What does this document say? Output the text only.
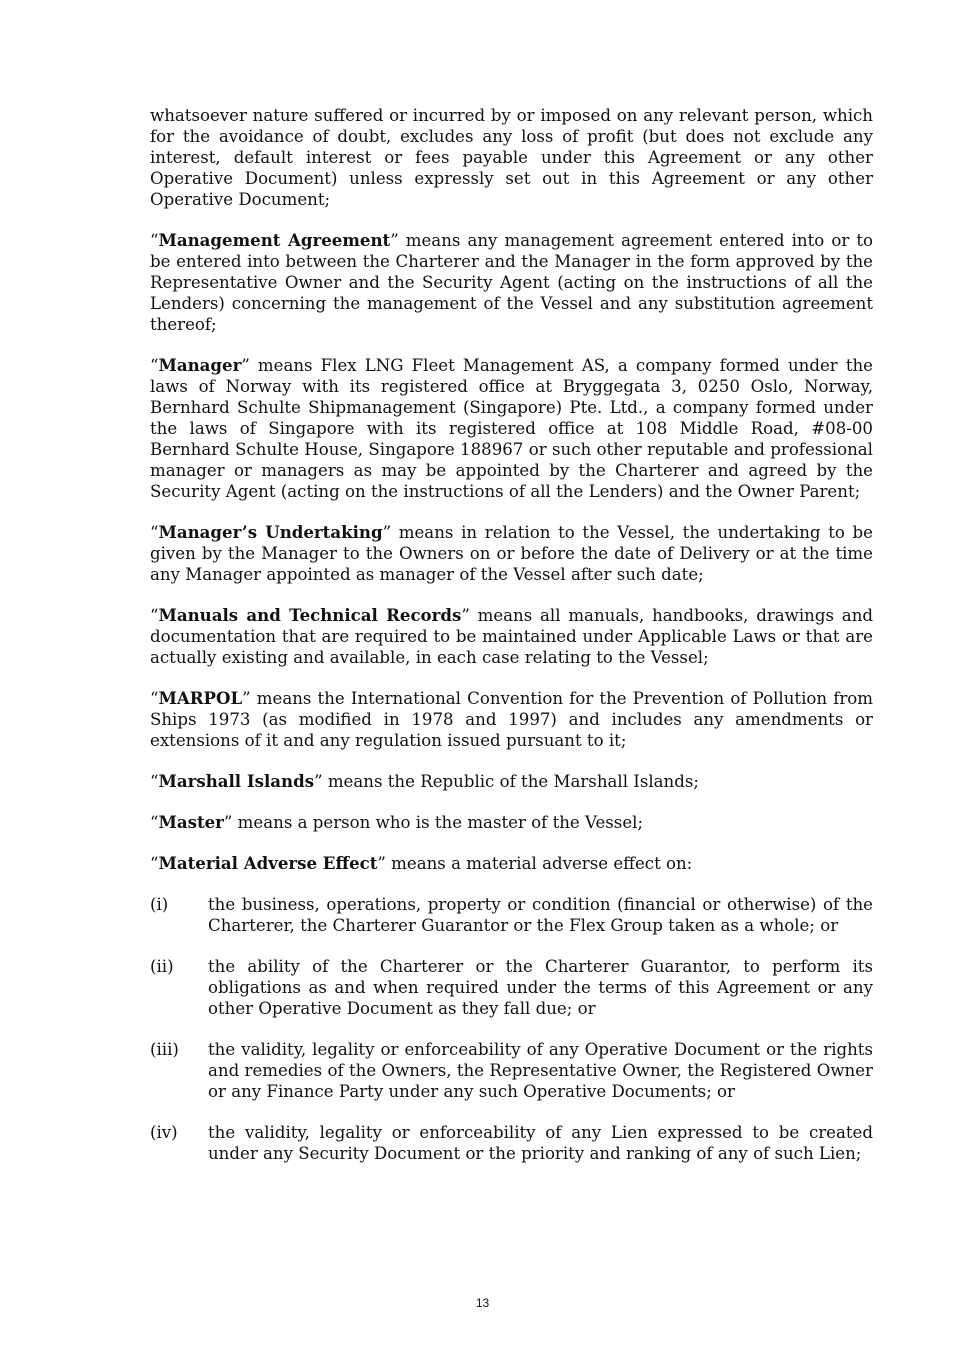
whatsoever nature suffered or incurred by or imposed on any relevant person, which for the avoidance of doubt, excludes any loss of profit (but does not exclude any interest, default interest or fees payable under this Agreement or any other Operative Document) unless expressly set out in this Agreement or any other Operative Document;

“Management Agreement” means any management agreement entered into or to be entered into between the Charterer and the Manager in the form approved by the Representative Owner and the Security Agent (acting on the instructions of all the Lenders) concerning the management of the Vessel and any substitution agreement thereof;

“Manager” means Flex LNG Fleet Management AS, a company formed under the laws of Norway with its registered office at Bryggegata 3, 0250 Oslo, Norway, Bernhard Schulte Shipmanagement (Singapore) Pte. Ltd., a company formed under the laws of Singapore with its registered office at 108 Middle Road, #08-00 Bernhard Schulte House, Singapore 188967 or such other reputable and professional manager or managers as may be appointed by the Charterer and agreed by the Security Agent (acting on the instructions of all the Lenders) and the Owner Parent;

“Manager’s Undertaking” means in relation to the Vessel, the undertaking to be given by the Manager to the Owners on or before the date of Delivery or at the time any Manager appointed as manager of the Vessel after such date;

“Manuals and Technical Records” means all manuals, handbooks, drawings and documentation that are required to be maintained under Applicable Laws or that are actually existing and available, in each case relating to the Vessel;

“MARPOL” means the International Convention for the Prevention of Pollution from Ships 1973 (as modified in 1978 and 1997) and includes any amendments or extensions of it and any regulation issued pursuant to it;

“Marshall Islands” means the Republic of the Marshall Islands;

“Master” means a person who is the master of the Vessel;

“Material Adverse Effect” means a material adverse effect on:

(i)	the business, operations, property or condition (financial or otherwise) of the Charterer, the Charterer Guarantor or the Flex Group taken as a whole; or
(ii)	the ability of the Charterer or the Charterer Guarantor, to perform its obligations as and when required under the terms of this Agreement or any other Operative Document as they fall due; or
(iii)	the validity, legality or enforceability of any Operative Document or the rights and remedies of the Owners, the Representative Owner, the Registered Owner or any Finance Party under any such Operative Documents; or
(iv)	the validity, legality or enforceability of any Lien expressed to be created under any Security Document or the priority and ranking of any of such Lien;
13
